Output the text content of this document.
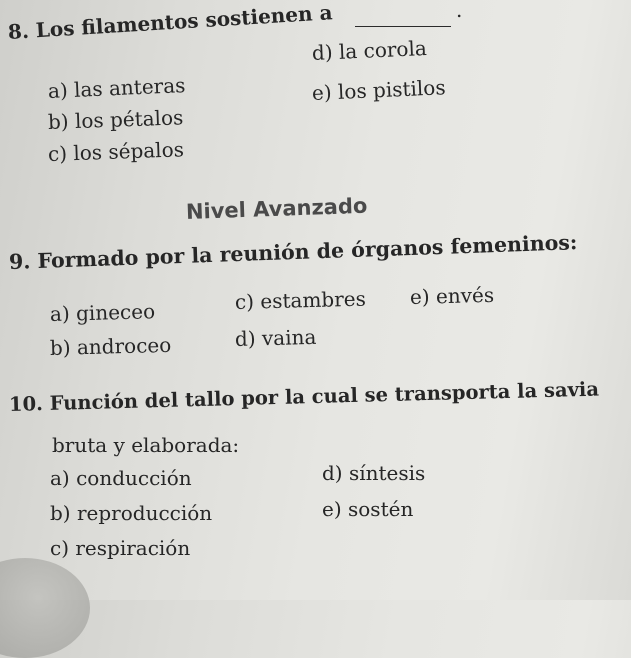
8. Los filamentos sostienen a	.
d) la corola
a) las anteras	e) los pistilos
b) los pétalos
c) los sépalos
Nivel Avanzado
9. Formado por la reunión de órganos femeninos:
a) gineceo	c) estambres e) envés
b) androceo	d) vaina
10. Función del tallo por la cual se transporta la savia
bruta y elaborada:
a) conducción	d) síntesis
b) reproducción	e) sostén
c) respiración
